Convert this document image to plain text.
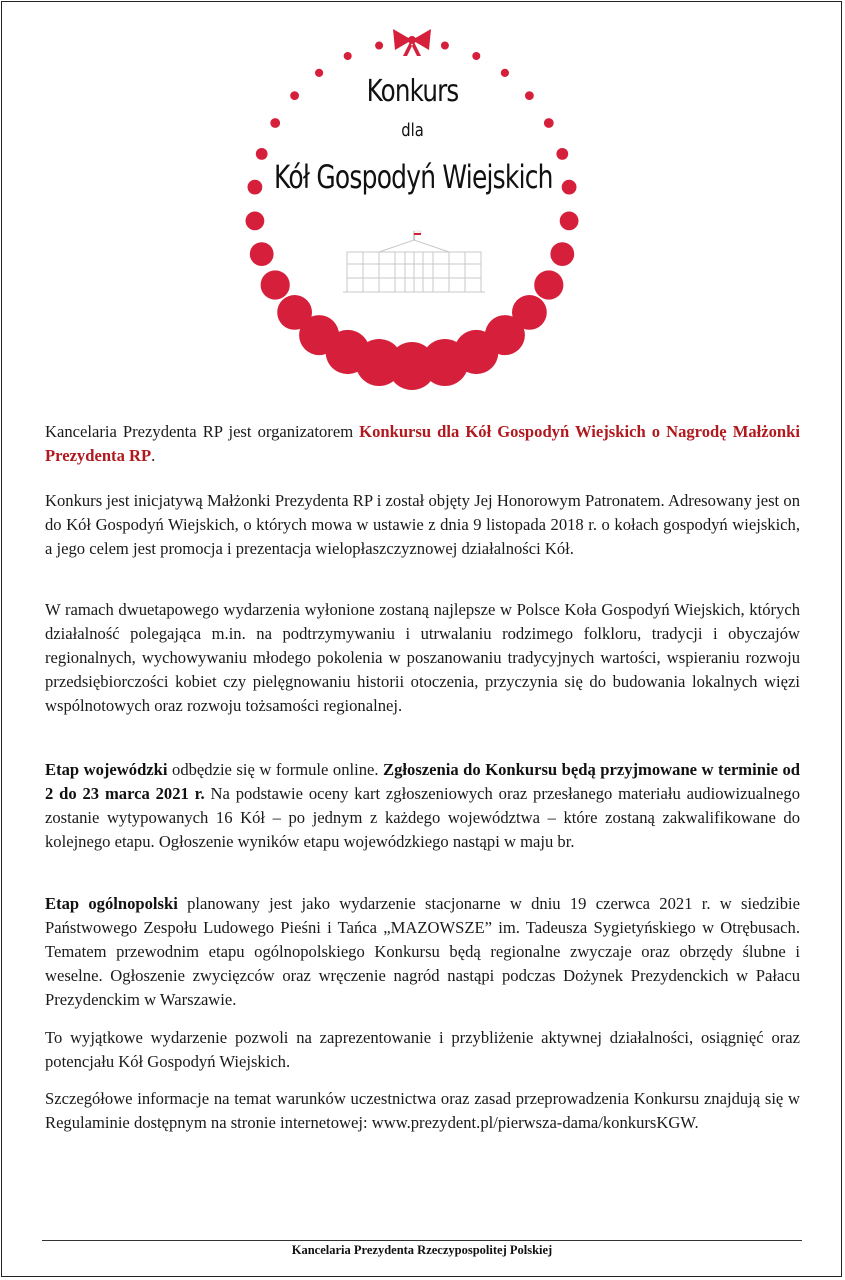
Konkurs
dla
Kół Gospodyń Wiejskich

Kancelaria Prezydenta RP jest organizatorem Konkursu dla Kół Gospodyń Wiejskich o Nagrodę Małżonki Prezydenta RP.

Konkurs jest inicjatywą Małżonki Prezydenta RP i został objęty Jej Honorowym Patronatem. Adresowany jest on do Kół Gospodyń Wiejskich, o których mowa w ustawie z dnia 9 listopada 2018 r. o kołach gospodyń wiejskich, a jego celem jest promocja i prezentacja wielopłaszczyznowej działalności Kół.

W ramach dwuetapowego wydarzenia wyłonione zostaną najlepsze w Polsce Koła Gospodyń Wiejskich, których działalność polegająca m.in. na podtrzymywaniu i utrwalaniu rodzimego folkloru, tradycji i obyczajów regionalnych, wychowywaniu młodego pokolenia w poszanowaniu tradycyjnych wartości, wspieraniu rozwoju przedsiębiorczości kobiet czy pielęgnowaniu historii otoczenia, przyczynia się do budowania lokalnych więzi wspólnotowych oraz rozwoju tożsamości regionalnej.

Etap wojewódzki odbędzie się w formule online. Zgłoszenia do Konkursu będą przyjmowane w terminie od 2 do 23 marca 2021 r. Na podstawie oceny kart zgłoszeniowych oraz przesłanego materiału audiowizualnego zostanie wytypowanych 16 Kół – po jednym z każdego województwa – które zostaną zakwalifikowane do kolejnego etapu. Ogłoszenie wyników etapu wojewódzkiego nastąpi w maju br.

Etap ogólnopolski planowany jest jako wydarzenie stacjonarne w dniu 19 czerwca 2021 r. w siedzibie Państwowego Zespołu Ludowego Pieśni i Tańca „MAZOWSZE” im. Tadeusza Sygietyńskiego w Otrębusach. Tematem przewodnim etapu ogólnopolskiego Konkursu będą regionalne zwyczaje oraz obrzędy ślubne i weselne. Ogłoszenie zwycięzców oraz wręczenie nagród nastąpi podczas Dożynek Prezydenckich w Pałacu Prezydenckim w Warszawie.

To wyjątkowe wydarzenie pozwoli na zaprezentowanie i przybliżenie aktywnej działalności, osiągnięć oraz potencjału Kół Gospodyń Wiejskich.

Szczegółowe informacje na temat warunków uczestnictwa oraz zasad przeprowadzenia Konkursu znajdują się w Regulaminie dostępnym na stronie internetowej: www.prezydent.pl/pierwsza-dama/konkursKGW.

Kancelaria Prezydenta Rzeczypospolitej Polskiej
